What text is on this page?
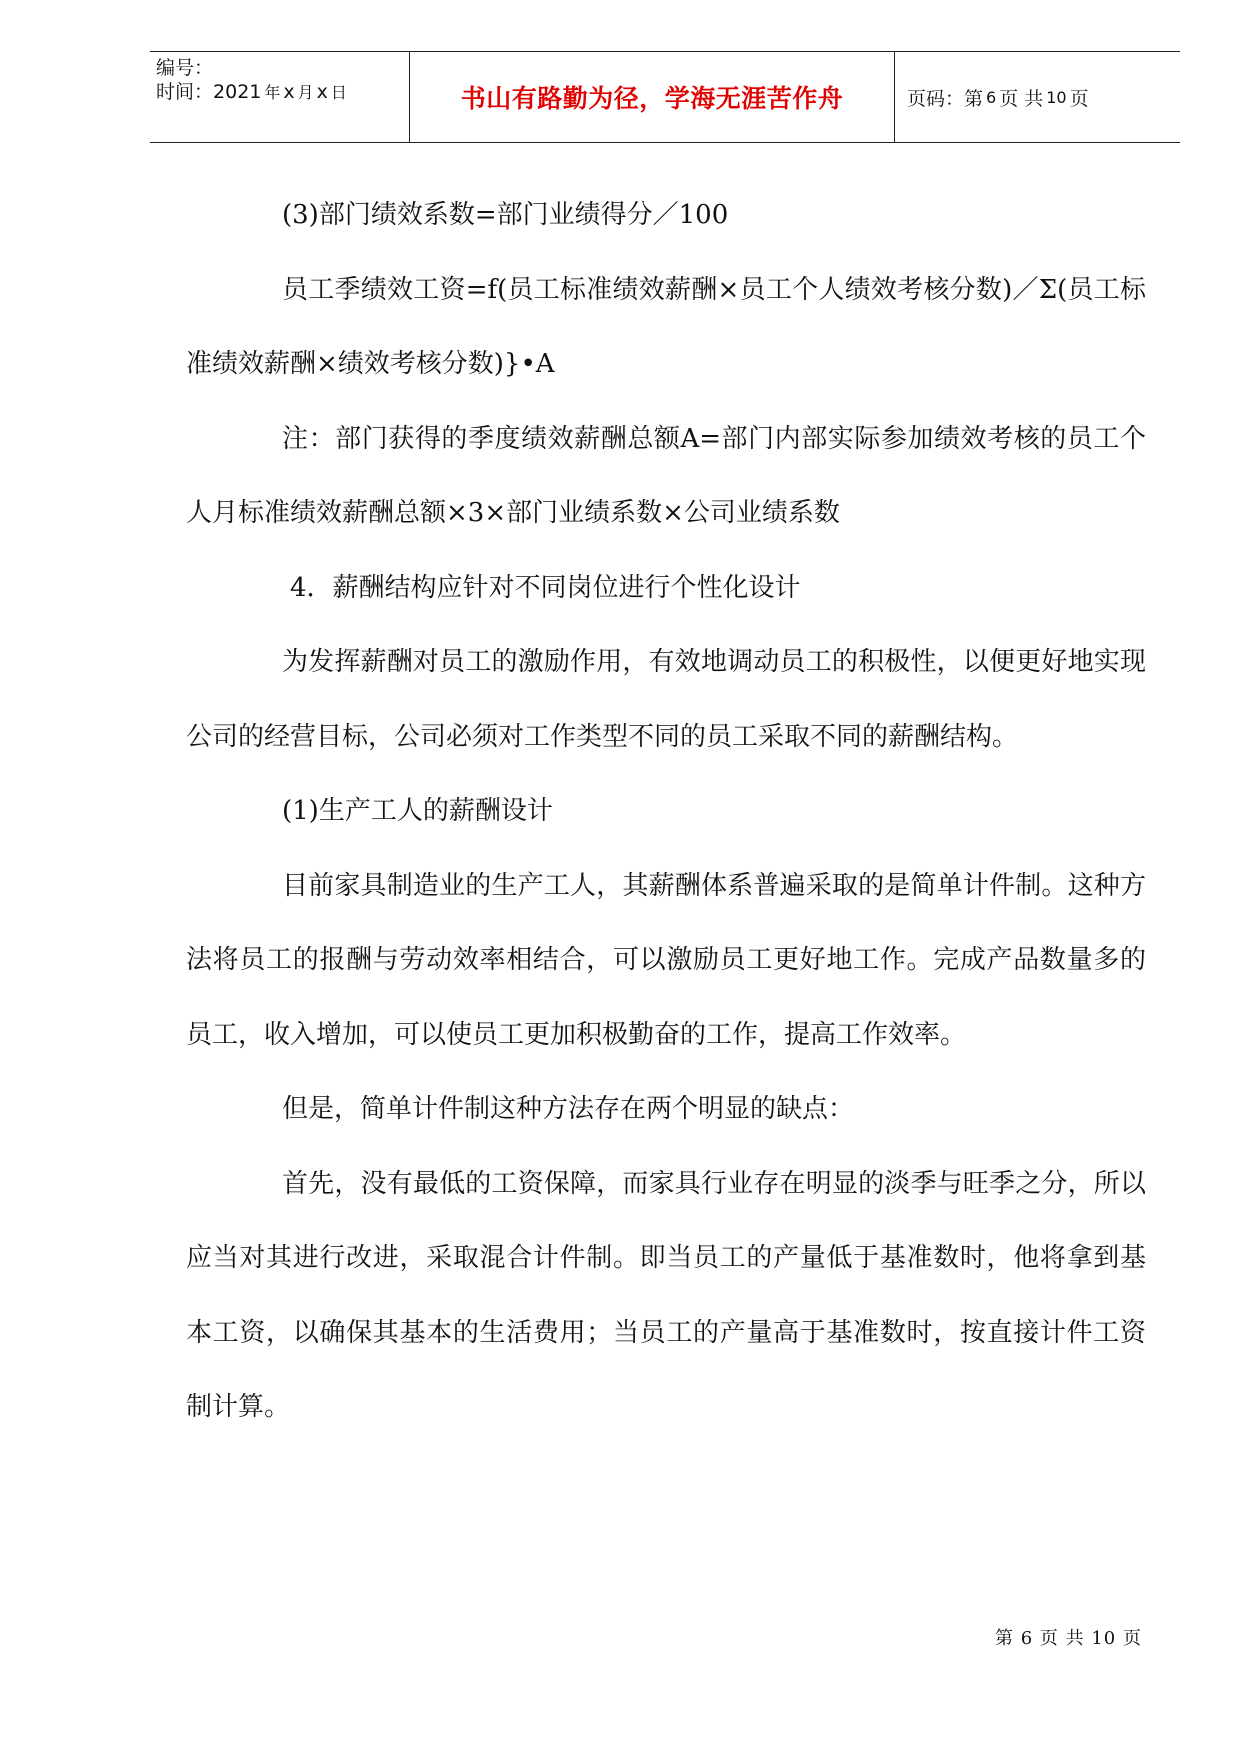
编号：
时间：2021 年 x 月 x 日	书山有路勤为径，学海无涯苦作舟	页码：第 6 页 共 10 页

(3)部门绩效系数=部门业绩得分／100

员工季绩效工资=f(员工标准绩效薪酬×员工个人绩效考核分数)／Σ(员工标准绩效薪酬×绩效考核分数)}•A

注：部门获得的季度绩效薪酬总额A=部门内部实际参加绩效考核的员工个人月标准绩效薪酬总额×3×部门业绩系数×公司业绩系数

4．薪酬结构应针对不同岗位进行个性化设计

为发挥薪酬对员工的激励作用，有效地调动员工的积极性，以便更好地实现公司的经营目标，公司必须对工作类型不同的员工采取不同的薪酬结构。

(1)生产工人的薪酬设计

目前家具制造业的生产工人，其薪酬体系普遍采取的是简单计件制。这种方法将员工的报酬与劳动效率相结合，可以激励员工更好地工作。完成产品数量多的员工，收入增加，可以使员工更加积极勤奋的工作，提高工作效率。

但是，简单计件制这种方法存在两个明显的缺点：

首先，没有最低的工资保障，而家具行业存在明显的淡季与旺季之分，所以应当对其进行改进，采取混合计件制。即当员工的产量低于基准数时，他将拿到基本工资，以确保其基本的生活费用；当员工的产量高于基准数时，按直接计件工资制计算。

第 6 页 共 10 页
